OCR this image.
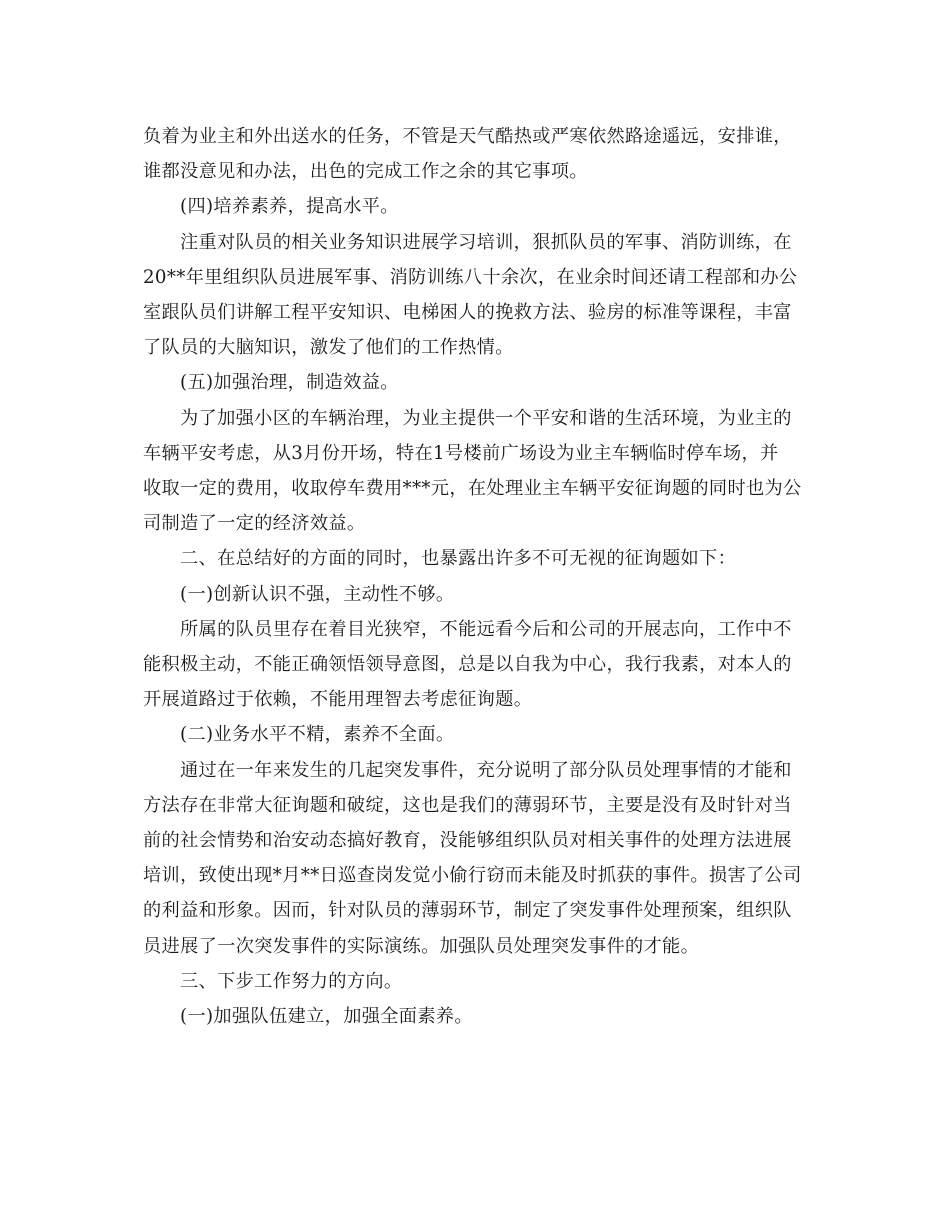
负着为业主和外出送水的任务，不管是天气酷热或严寒依然路途遥远，安排谁，
谁都没意见和办法，出色的完成工作之余的其它事项。
(四)培养素养，提高水平。
注重对队员的相关业务知识进展学习培训，狠抓队员的军事、消防训练，在
20**年里组织队员进展军事、消防训练八十余次，在业余时间还请工程部和办公
室跟队员们讲解工程平安知识、电梯困人的挽救方法、验房的标准等课程，丰富
了队员的大脑知识，激发了他们的工作热情。
(五)加强治理，制造效益。
为了加强小区的车辆治理，为业主提供一个平安和谐的生活环境，为业主的
车辆平安考虑，从3月份开场，特在1号楼前广场设为业主车辆临时停车场，并
收取一定的费用，收取停车费用***元，在处理业主车辆平安征询题的同时也为公
司制造了一定的经济效益。
二、在总结好的方面的同时，也暴露出许多不可无视的征询题如下：
(一)创新认识不强，主动性不够。
所属的队员里存在着目光狭窄，不能远看今后和公司的开展志向，工作中不
能积极主动，不能正确领悟领导意图，总是以自我为中心，我行我素，对本人的
开展道路过于依赖，不能用理智去考虑征询题。
(二)业务水平不精，素养不全面。
通过在一年来发生的几起突发事件，充分说明了部分队员处理事情的才能和
方法存在非常大征询题和破绽，这也是我们的薄弱环节，主要是没有及时针对当
前的社会情势和治安动态搞好教育，没能够组织队员对相关事件的处理方法进展
培训，致使出现*月**日巡查岗发觉小偷行窃而未能及时抓获的事件。损害了公司
的利益和形象。因而，针对队员的薄弱环节，制定了突发事件处理预案，组织队
员进展了一次突发事件的实际演练。加强队员处理突发事件的才能。
三、下步工作努力的方向。
(一)加强队伍建立，加强全面素养。
